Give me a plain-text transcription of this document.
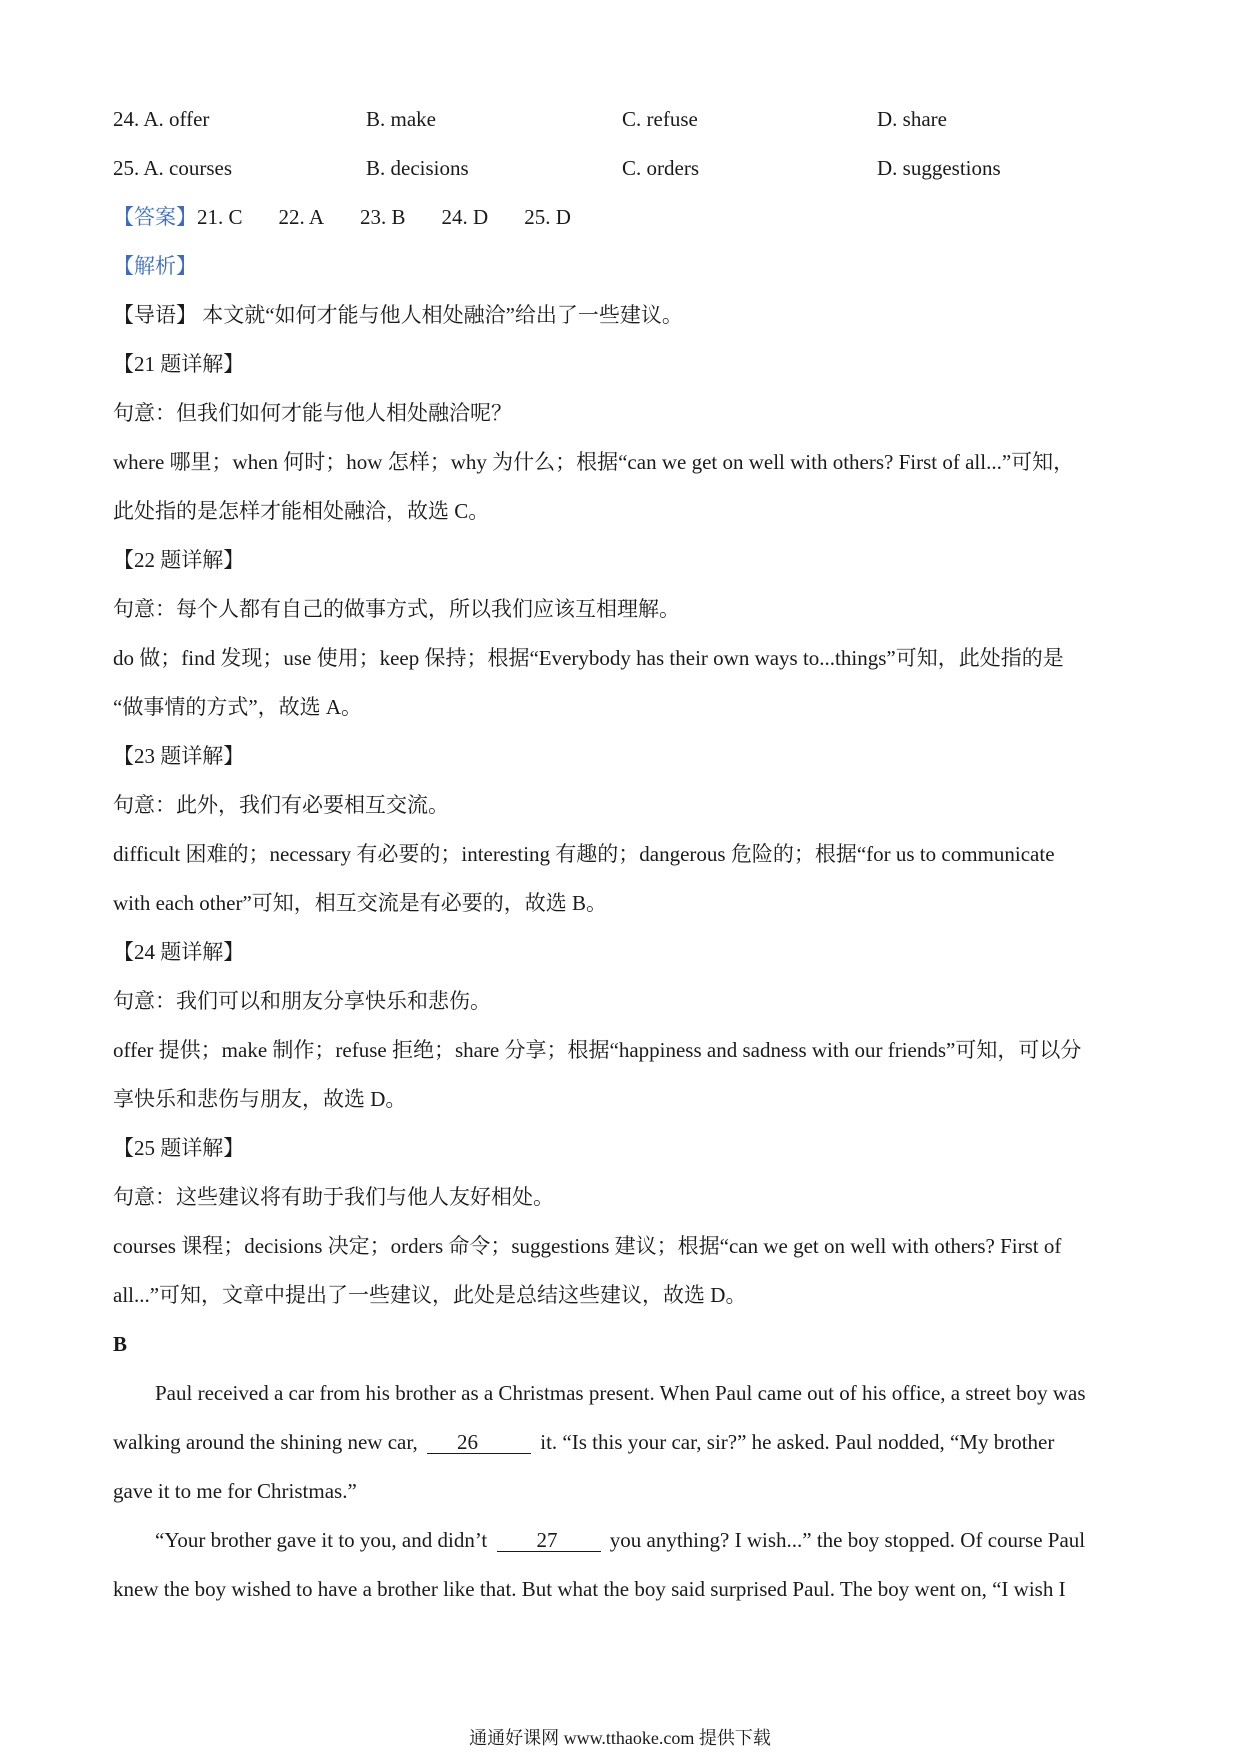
24. A. offer	B. make	C. refuse	D. share
25. A. courses	B. decisions	C. orders	D. suggestions
【答案】21. C 22. A 23. B 24. D 25. D
【解析】
【导语】 本文就“如何才能与他人相处融洽”给出了一些建议。
【21 题详解】
句意：但我们如何才能与他人相处融洽呢？
where 哪里；when 何时；how 怎样；why 为什么；根据“can we get on well with others? First of all...”可知，
此处指的是怎样才能相处融洽，故选 C。
【22 题详解】
句意：每个人都有自己的做事方式，所以我们应该互相理解。
do 做；find 发现；use 使用；keep 保持；根据“Everybody has their own ways to...things”可知，此处指的是
“做事情的方式”，故选 A。
【23 题详解】
句意：此外，我们有必要相互交流。
difficult 困难的；necessary 有必要的；interesting 有趣的；dangerous 危险的；根据“for us to communicate
with each other”可知，相互交流是有必要的，故选 B。
【24 题详解】
句意：我们可以和朋友分享快乐和悲伤。
offer 提供；make 制作；refuse 拒绝；share 分享；根据“happiness and sadness with our friends”可知，可以分
享快乐和悲伤与朋友，故选 D。
【25 题详解】
句意：这些建议将有助于我们与他人友好相处。
courses 课程；decisions 决定；orders 命令；suggestions 建议；根据“can we get on well with others? First of
all...”可知，文章中提出了一些建议，此处是总结这些建议，故选 D。
B
Paul received a car from his brother as a Christmas present. When Paul came out of his office, a street boy was
walking around the shining new car, 26	it. “Is this your car, sir?” he asked. Paul nodded, “My brother
gave it to me for Christmas.”
“Your brother gave it to you, and didn’t 27 you anything? I wish...” the boy stopped. Of course Paul
knew the boy wished to have a brother like that. But what the boy said surprised Paul. The boy went on, “I wish I
通通好课网 www.tthaoke.com 提供下载
